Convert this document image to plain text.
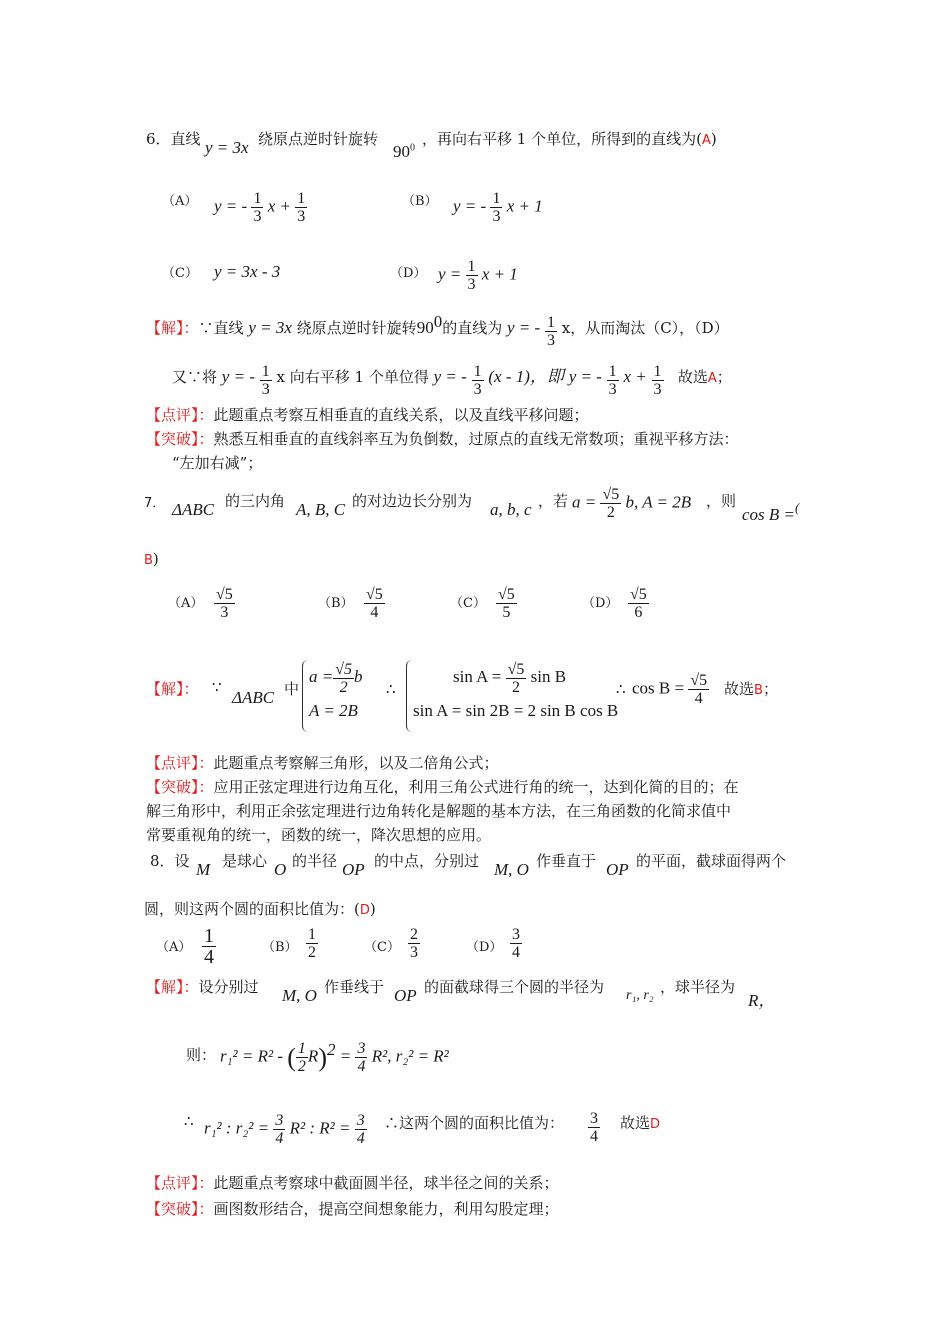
6．直线 y = 3x 绕原点逆时针旋转
$90^0$ ，再向右平移 1 个单位，所得到的直线为(A)
（A） y = - $\frac{1}{3}$ $x + \frac{1}{3}$	（B） y = - $\frac{1}{3}$ x + 1
（C） y = 3x - 3	（D） $y = \frac{1}{3}$ x + 1
【解】：∵直线 y = 3x 绕原点逆时针旋转$90^0$的直线为 y = - $\frac{1}{3}$ x，从而淘汰（C），（D）
又∵将 y = - $\frac{1}{3}$ x 向右平移 1 个单位得 y = - $\frac{1}{3} (x - 1)$，即 y = - $\frac{1}{3}$ $x + \frac{1}{3}$ 故选A；
【点评】：此题重点考察互相垂直的直线关系，以及直线平移问题；
【突破】：熟悉互相垂直的直线斜率互为负倒数，过原点的直线无常数项；重视平移方法：
“左加右减”；
7． ΔABC 的三内角 A, B, C 的对边边长分别为 a, b, c ，若 $a = \frac{√5}{2} b$, A = 2B ，则
cos B =(
B)
$(A) \frac{√5}{3}$	$(B) \frac{√5}{4}$	$(C) \frac{√5}{5}$	$(D) \frac{√5}{6}$
【解】： ∵
ΔABC 中
$a = \frac{√5}{2}$ b
A = 2B
∴
$\sin A = \frac{√5}{2}$ sin B
sin A = sin 2B = 2 sin B cos B
∴ $\cos B = \frac{√5}{4}$ 故选B；
【点评】：此题重点考察解三角形，以及二倍角公式；
【突破】：应用正弦定理进行边角互化，利用三角公式进行角的统一，达到化简的目的；在
解三角形中，利用正余弦定理进行边角转化是解题的基本方法，在三角函数的化简求值中
常要重视角的统一，函数的统一，降次思想的应用。
8．设 M 是球心 O 的半径 OP 的中点，分别过 M, O 作垂直于 OP 的平面，截球面得两个
圆，则这两个圆的面积比值为：(D)
$(A) \frac{1}{4}$	$(B) \frac{1}{2}$	$(C) \frac{2}{3}$	$(D) \frac{3}{4}$
【解】：设分别过 M, O 作垂线于 OP 的面截球得三个圆的半径为 r₁, r₂ ，球半径为
R，
则： r₁² = R² - ( $\frac{1}{2} R)^2 = \frac{3}{4} R^2$, r₂² = R²
∴ r₁² : $r_2^2 = \frac{3}{4} R^2$ : $R^2 = \frac{3}{4}$ ∴这两个圆的面积比值为： $\frac{3}{4}$ 故选D
【点评】：此题重点考察球中截面圆半径，球半径之间的关系；
【突破】：画图数形结合，提高空间想象能力，利用勾股定理；
